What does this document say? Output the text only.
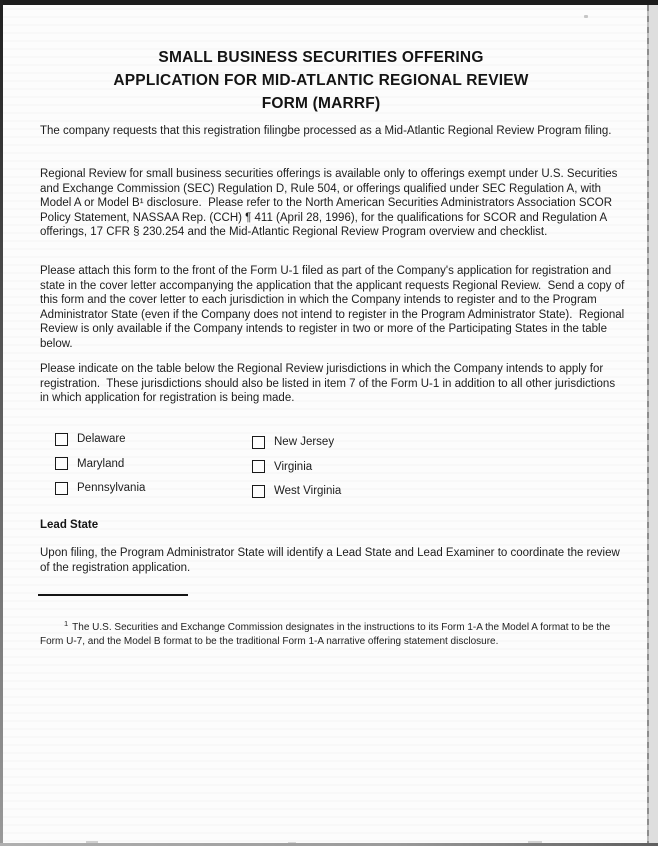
SMALL BUSINESS SECURITIES OFFERING
APPLICATION FOR MID-ATLANTIC REGIONAL REVIEW
FORM (MARRF)

The company requests that this registration filingbe processed as a Mid-Atlantic Regional Review Program filing.

Regional Review for small business securities offerings is available only to offerings exempt under U.S. Securities and Exchange Commission (SEC) Regulation D, Rule 504, or offerings qualified under SEC Regulation A, with Model A or Model B¹ disclosure.  Please refer to the North American Securities Administrators Association SCOR Policy Statement, NASSAA Rep. (CCH) ¶ 411 (April 28, 1996), for the qualifications for SCOR and Regulation A offerings, 17 CFR § 230.254 and the Mid-Atlantic Regional Review Program overview and checklist.

Please attach this form to the front of the Form U-1 filed as part of the Company's application for registration and state in the cover letter accompanying the application that the applicant requests Regional Review.  Send a copy of this form and the cover letter to each jurisdiction in which the Company intends to register and to the Program Administrator State (even if the Company does not intend to register in the Program Administrator State).  Regional Review is only available if the Company intends to register in two or more of the Participating States in the table below.

Please indicate on the table below the Regional Review jurisdictions in which the Company intends to apply for registration.  These jurisdictions should also be listed in item 7 of the Form U-1 in addition to all other jurisdictions in which application for registration is being made.

Delaware
Maryland
Pennsylvania
New Jersey
Virginia
West Virginia
Lead State

Upon filing, the Program Administrator State will identify a Lead State and Lead Examiner to coordinate the review of the registration application.

$^1$ The U.S. Securities and Exchange Commission designates in the instructions to its Form 1-A the Model A format to be the Form U-7, and the Model B format to be the traditional Form 1-A narrative offering statement disclosure.
